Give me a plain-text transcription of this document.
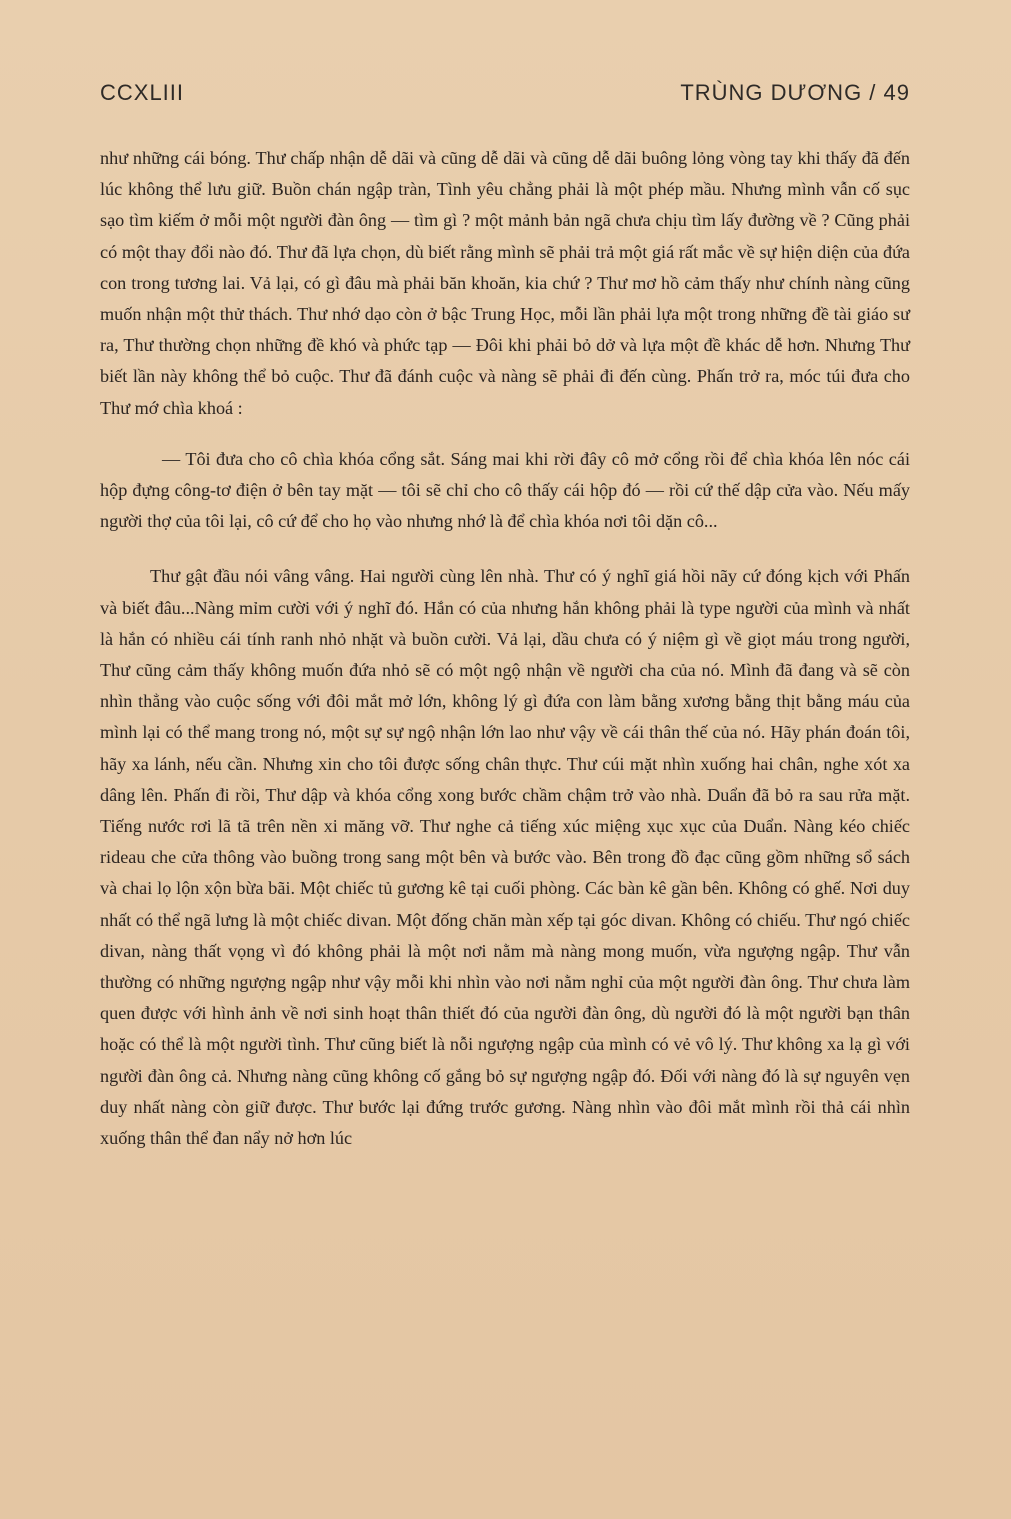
CCXLIII	TRÙNG DƯƠNG / 49

như những cái bóng. Thư chấp nhận dễ dãi và cũng dễ dãi và cũng dễ dãi buông lỏng vòng tay khi thấy đã đến lúc không thể lưu giữ. Buồn chán ngập tràn, Tình yêu chẳng phải là một phép mầu. Nhưng mình vẫn cố sục sạo tìm kiếm ở mỗi một người đàn ông — tìm gì ? một mảnh bản ngã chưa chịu tìm lấy đường về ? Cũng phải có một thay đổi nào đó. Thư đã lựa chọn, dù biết rằng mình sẽ phải trả một giá rất mắc về sự hiện diện của đứa con trong tương lai. Vả lại, có gì đâu mà phải băn khoăn, kia chứ ? Thư mơ hồ cảm thấy như chính nàng cũng muốn nhận một thử thách. Thư nhớ dạo còn ở bậc Trung Học, mỗi lần phải lựa một trong những đề tài giáo sư ra, Thư thường chọn những đề khó và phức tạp — Đôi khi phải bỏ dở và lựa một đề khác dễ hơn. Nhưng Thư biết lần này không thể bỏ cuộc. Thư đã đánh cuộc và nàng sẽ phải đi đến cùng. Phấn trở ra, móc túi đưa cho Thư mớ chìa khoá :

— Tôi đưa cho cô chìa khóa cổng sắt. Sáng mai khi rời đây cô mở cổng rồi để chìa khóa lên nóc cái hộp đựng công-tơ điện ở bên tay mặt — tôi sẽ chỉ cho cô thấy cái hộp đó — rồi cứ thế dập cửa vào. Nếu mấy người thợ của tôi lại, cô cứ để cho họ vào nhưng nhớ là để chìa khóa nơi tôi dặn cô...

Thư gật đầu nói vâng vâng. Hai người cùng lên nhà. Thư có ý nghĩ giá hồi nãy cứ đóng kịch với Phấn và biết đâu...Nàng mỉm cười với ý nghĩ đó. Hắn có của nhưng hắn không phải là type người của mình và nhất là hắn có nhiều cái tính ranh nhỏ nhặt và buồn cười. Vả lại, dầu chưa có ý niệm gì về giọt máu trong người, Thư cũng cảm thấy không muốn đứa nhỏ sẽ có một ngộ nhận về người cha của nó. Mình đã đang và sẽ còn nhìn thẳng vào cuộc sống với đôi mắt mở lớn, không lý gì đứa con làm bằng xương bằng thịt bằng máu của mình lại có thể mang trong nó, một sự sự ngộ nhận lớn lao như vậy về cái thân thế của nó. Hãy phán đoán tôi, hãy xa lánh, nếu cần. Nhưng xin cho tôi được sống chân thực. Thư cúi mặt nhìn xuống hai chân, nghe xót xa dâng lên. Phấn đi rồi, Thư dập và khóa cổng xong bước chầm chậm trở vào nhà. Duẩn đã bỏ ra sau rửa mặt. Tiếng nước rơi lã tã trên nền xi măng vỡ. Thư nghe cả tiếng xúc miệng xục xục của Duẩn. Nàng kéo chiếc rideau che cửa thông vào buồng trong sang một bên và bước vào. Bên trong đồ đạc cũng gồm những sổ sách và chai lọ lộn xộn bừa bãi. Một chiếc tủ gương kê tại cuối phòng. Các bàn kê gần bên. Không có ghế. Nơi duy nhất có thể ngã lưng là một chiếc divan. Một đống chăn màn xếp tại góc divan. Không có chiếu. Thư ngó chiếc divan, nàng thất vọng vì đó không phải là một nơi nằm mà nàng mong muốn, vừa ngượng ngập. Thư vẫn thường có những ngượng ngập như vậy mỗi khi nhìn vào nơi nằm nghỉ của một người đàn ông. Thư chưa làm quen được với hình ảnh về nơi sinh hoạt thân thiết đó của người đàn ông, dù người đó là một người bạn thân hoặc có thể là một người tình. Thư cũng biết là nỗi ngượng ngập của mình có vẻ vô lý. Thư không xa lạ gì với người đàn ông cả. Nhưng nàng cũng không cố gắng bỏ sự ngượng ngập đó. Đối với nàng đó là sự nguyên vẹn duy nhất nàng còn giữ được. Thư bước lại đứng trước gương. Nàng nhìn vào đôi mắt mình rồi thả cái nhìn xuống thân thể đan nẩy nở hơn lúc
